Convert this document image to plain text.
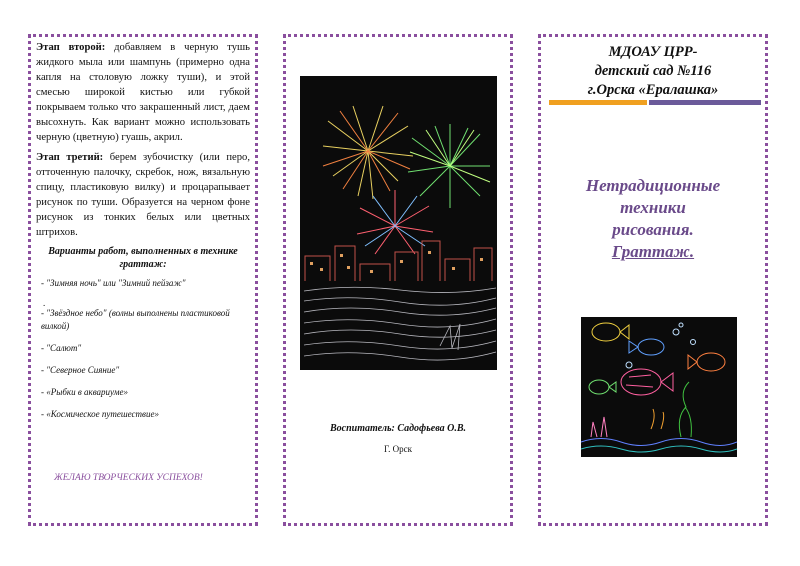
Этап второй: добавляем в черную тушь жидкого мыла или шампунь (примерно одна капля на столовую ложку туши), и этой смесью широкой кистью или губкой покрываем только что закрашенный лист, даем высохнуть. Как вариант можно использовать черную (цветную) гуашь, акрил.

Этап третий: берем зубочистку (или перо, отточенную палочку, скребок, нож, вязальную спицу, пластиковую вилку) и процарапывает рисунок по туши. Образуется на черном фоне рисунок из тонких белых или цветных штрихов.

Варианты работ, выполненных в технике граттаж:
- "Зимняя ночь" или "Зимний пейзаж"
.
- "Звёздное небо" (волны выполнены пластиковой вилкой)
- "Салют"
- "Северное Сияние"
- «Рыбки в аквариуме»
- «Космическое путешествие»
ЖЕЛАЮ ТВОРЧЕСКИХ УСПЕХОВ!
Воспитатель: Садофьева О.В.
Г. Орск
МДОАУ ЦРР-
детский сад №116
г.Орска «Ералашка»
Нетрадиционные
техники
рисования.
Граттаж.
